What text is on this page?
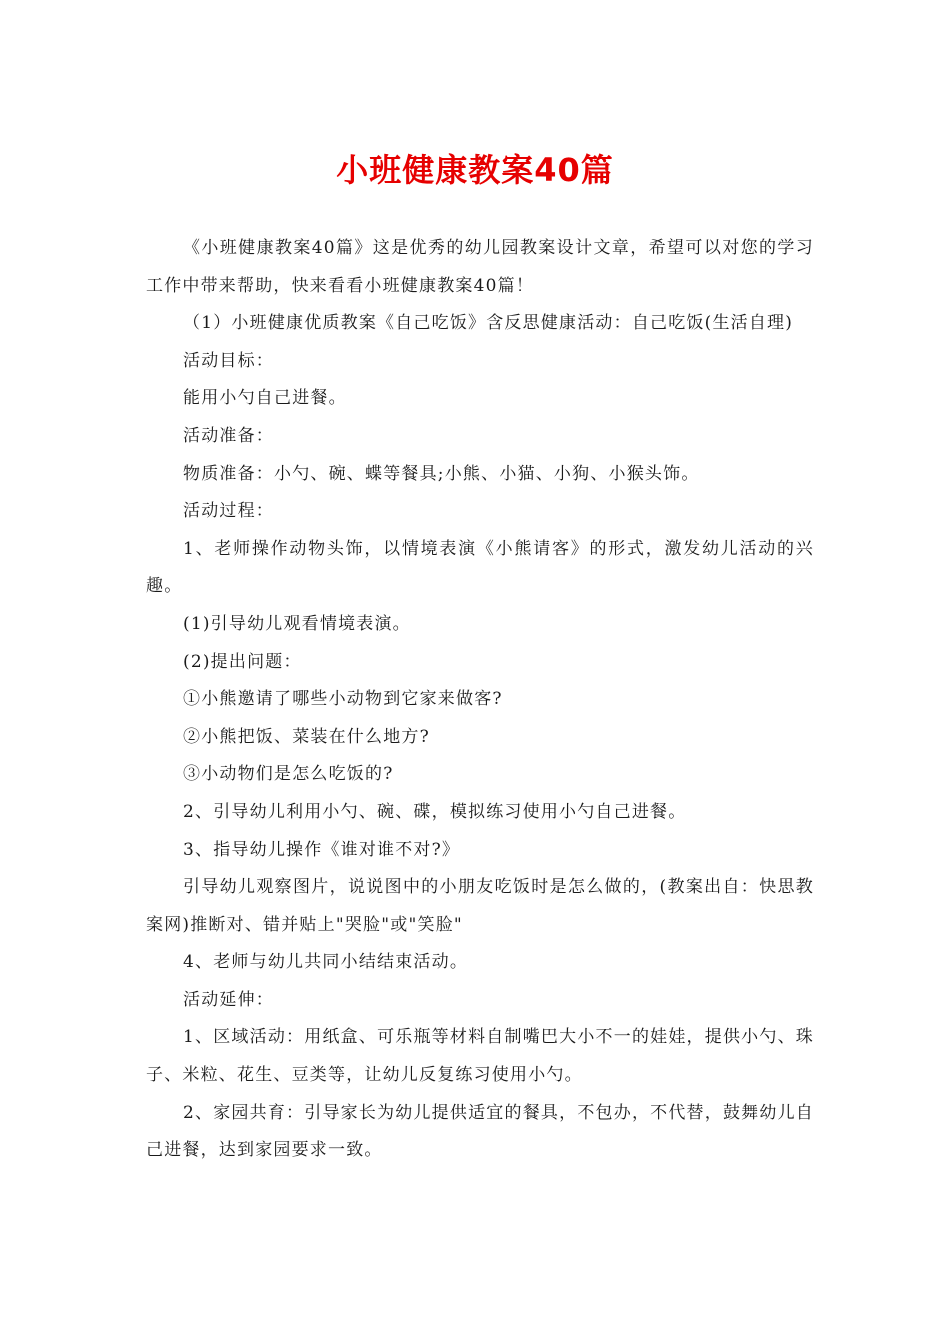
小班健康教案40篇

《小班健康教案40篇》这是优秀的幼儿园教案设计文章，希望可以对您的学习工作中带来帮助，快来看看小班健康教案40篇！

（1）小班健康优质教案《自己吃饭》含反思健康活动：自己吃饭(生活自理)

活动目标：

能用小勺自己进餐。

活动准备：

物质准备：小勺、碗、蝶等餐具;小熊、小猫、小狗、小猴头饰。

活动过程：

1、老师操作动物头饰，以情境表演《小熊请客》的形式，激发幼儿活动的兴趣。

(1)引导幼儿观看情境表演。

(2)提出问题：

①小熊邀请了哪些小动物到它家来做客?

②小熊把饭、菜装在什么地方?

③小动物们是怎么吃饭的?

2、引导幼儿利用小勺、碗、碟，模拟练习使用小勺自己进餐。

3、指导幼儿操作《谁对谁不对?》

引导幼儿观察图片，说说图中的小朋友吃饭时是怎么做的，(教案出自：快思教案网)推断对、错并贴上"哭脸"或"笑脸"

4、老师与幼儿共同小结结束活动。

活动延伸：

1、区域活动：用纸盒、可乐瓶等材料自制嘴巴大小不一的娃娃，提供小勺、珠子、米粒、花生、豆类等，让幼儿反复练习使用小勺。

2、家园共育：引导家长为幼儿提供适宜的餐具，不包办，不代替，鼓舞幼儿自己进餐，达到家园要求一致。
